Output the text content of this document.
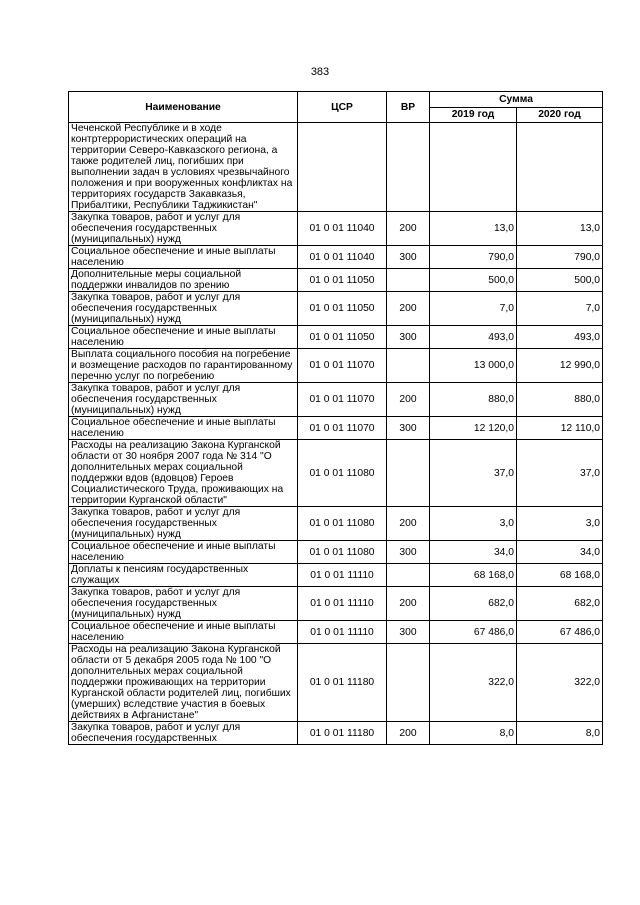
383
Наименование	ЦСР	ВР	Сумма	
			2019 год	2020 год
Чеченской Республике и в ходе контртеррористических операций на территории Северо-Кавказского региона, а также родителей лиц, погибших при выполнении задач в условиях чрезвычайного положения и при вооруженных конфликтах на территориях государств Закавказья, Прибалтики, Республики Таджикистан"				
Закупка товаров, работ и услуг для обеспечения государственных (муниципальных) нужд	01 0 01 11040	200	13,0	13,0
Социальное обеспечение и иные выплаты населению	01 0 01 11040	300	790,0	790,0
Дополнительные меры социальной поддержки инвалидов по зрению	01 0 01 11050		500,0	500,0
Закупка товаров, работ и услуг для обеспечения государственных (муниципальных) нужд	01 0 01 11050	200	7,0	7,0
Социальное обеспечение и иные выплаты населению	01 0 01 11050	300	493,0	493,0
Выплата социального пособия на погребение и возмещение расходов по гарантированному перечню услуг по погребению	01 0 01 11070		13 000,0	12 990,0
Закупка товаров, работ и услуг для обеспечения государственных (муниципальных) нужд	01 0 01 11070	200	880,0	880,0
Социальное обеспечение и иные выплаты населению	01 0 01 11070	300	12 120,0	12 110,0
Расходы на реализацию Закона Курганской области от 30 ноября 2007 года № 314 "О дополнительных мерах социальной поддержки вдов (вдовцов) Героев Социалистического Труда, проживающих на территории Курганской области"	01 0 01 11080		37,0	37,0
Закупка товаров, работ и услуг для обеспечения государственных (муниципальных) нужд	01 0 01 11080	200	3,0	3,0
Социальное обеспечение и иные выплаты населению	01 0 01 11080	300	34,0	34,0
Доплаты к пенсиям государственных служащих	01 0 01 11110		68 168,0	68 168,0
Закупка товаров, работ и услуг для обеспечения государственных (муниципальных) нужд	01 0 01 11110	200	682,0	682,0
Социальное обеспечение и иные выплаты населению	01 0 01 11110	300	67 486,0	67 486,0
Расходы на реализацию Закона Курганской области от 5 декабря 2005 года № 100 "О дополнительных мерах социальной поддержки проживающих на территории Курганской области родителей лиц, погибших (умерших) вследствие участия в боевых действиях в Афганистане"	01 0 01 11180		322,0	322,0
Закупка товаров, работ и услуг для обеспечения государственных	01 0 01 11180	200	8,0	8,0
